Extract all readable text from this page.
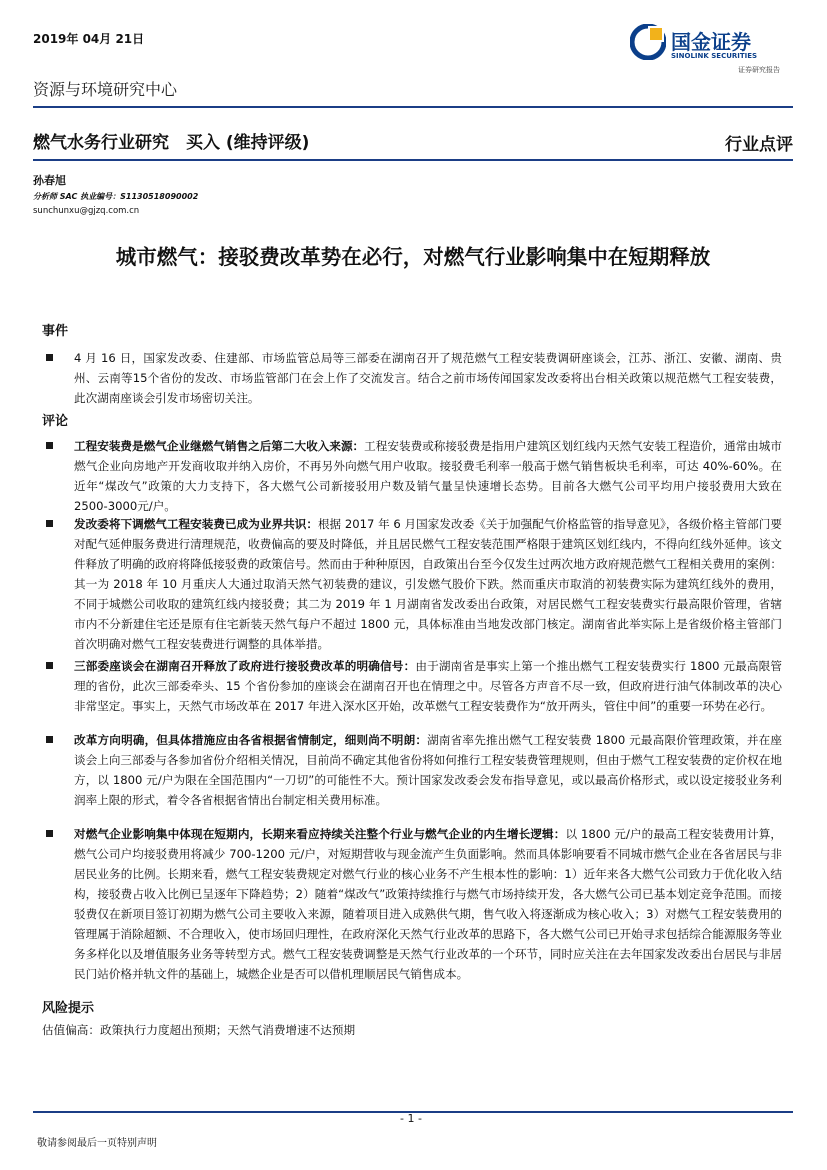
2019年 04月 21日
资源与环境研究中心
国金证券
SINOLINK SECURITIES
证券研究报告
燃气水务行业研究　买入 (维持评级)	行业点评
孙春旭
分析师 SAC 执业编号：S1130518090002
sunchunxu@gjzq.com.cn
城市燃气：接驳费改革势在必行，对燃气行业影响集中在短期释放
事件
4 月 16 日，国家发改委、住建部、市场监管总局等三部委在湖南召开了规范燃气工程安装费调研座谈会，江苏、浙江、安徽、湖南、贵州、云南等15个省份的发改、市场监管部门在会上作了交流发言。结合之前市场传闻国家发改委将出台相关政策以规范燃气工程安装费，此次湖南座谈会引发市场密切关注。
评论
工程安装费是燃气企业继燃气销售之后第二大收入来源：工程安装费或称接驳费是指用户建筑区划红线内天然气安装工程造价，通常由城市燃气企业向房地产开发商收取并纳入房价，不再另外向燃气用户收取。接驳费毛利率一般高于燃气销售板块毛利率，可达 40%-60%。在近年“煤改气”政策的大力支持下，各大燃气公司新接驳用户数及销气量呈快速增长态势。目前各大燃气公司平均用户接驳费用大致在 2500-3000元/户。
发改委将下调燃气工程安装费已成为业界共识：根据 2017 年 6 月国家发改委《关于加强配气价格监管的指导意见》，各级价格主管部门要对配气延伸服务费进行清理规范，收费偏高的要及时降低，并且居民燃气工程安装范围严格限于建筑区划红线内，不得向红线外延伸。该文件释放了明确的政府将降低接驳费的政策信号。然而由于种种原因，自政策出台至今仅发生过两次地方政府规范燃气工程相关费用的案例：其一为 2018 年 10 月重庆人大通过取消天然气初装费的建议，引发燃气股价下跌。然而重庆市取消的初装费实际为建筑红线外的费用，不同于城燃公司收取的建筑红线内接驳费；其二为 2019 年 1 月湖南省发改委出台政策，对居民燃气工程安装费实行最高限价管理，省辖市内不分新建住宅还是原有住宅新装天然气每户不超过 1800 元，具体标准由当地发改部门核定。湖南省此举实际上是省级价格主管部门首次明确对燃气工程安装费进行调整的具体举措。
三部委座谈会在湖南召开释放了政府进行接驳费改革的明确信号：由于湖南省是事实上第一个推出燃气工程安装费实行 1800 元最高限管理的省份，此次三部委牵头、15 个省份参加的座谈会在湖南召开也在情理之中。尽管各方声音不尽一致，但政府进行油气体制改革的决心非常坚定。事实上，天然气市场改革在 2017 年进入深水区开始，改革燃气工程安装费作为“放开两头，管住中间”的重要一环势在必行。
改革方向明确，但具体措施应由各省根据省情制定，细则尚不明朗：湖南省率先推出燃气工程安装费 1800 元最高限价管理政策，并在座谈会上向三部委与各参加省份介绍相关情况，目前尚不确定其他省份将如何推行工程安装费管理规则，但由于燃气工程安装费的定价权在地方，以 1800 元/户为限在全国范围内“一刀切”的可能性不大。预计国家发改委会发布指导意见，或以最高价格形式，或以设定接驳业务利润率上限的形式，着令各省根据省情出台制定相关费用标准。
对燃气企业影响集中体现在短期内，长期来看应持续关注整个行业与燃气企业的内生增长逻辑：以 1800 元/户的最高工程安装费用计算，燃气公司户均接驳费用将减少 700-1200 元/户，对短期营收与现金流产生负面影响。然而具体影响要看不同城市燃气企业在各省居民与非居民业务的比例。长期来看，燃气工程安装费规定对燃气行业的核心业务不产生根本性的影响：1）近年来各大燃气公司致力于优化收入结构，接驳费占收入比例已呈逐年下降趋势；2）随着“煤改气”政策持续推行与燃气市场持续开发，各大燃气公司已基本划定竞争范围。而接驳费仅在新项目签订初期为燃气公司主要收入来源，随着项目进入成熟供气期，售气收入将逐渐成为核心收入；3）对燃气工程安装费用的管理属于消除超额、不合理收入，使市场回归理性，在政府深化天然气行业改革的思路下，各大燃气公司已开始寻求包括综合能源服务等业务多样化以及增值服务业务等转型方式。燃气工程安装费调整是天然气行业改革的一个环节，同时应关注在去年国家发改委出台居民与非居民门站价格并轨文件的基础上，城燃企业是否可以借机理顺居民气销售成本。
风险提示
估值偏高：政策执行力度超出预期；天然气消费增速不达预期
- 1 -
敬请参阅最后一页特别声明
